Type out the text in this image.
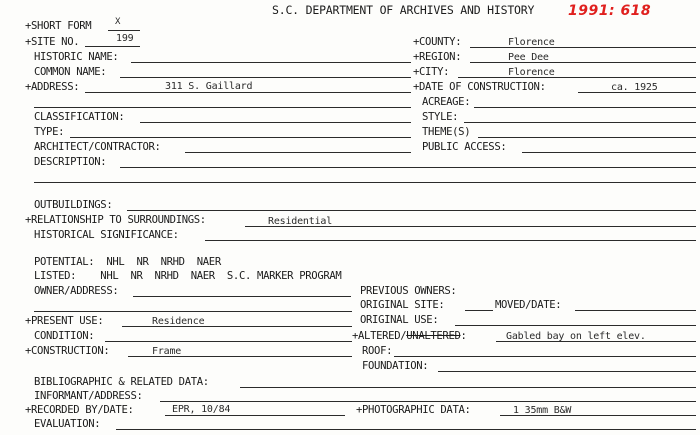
S.C. DEPARTMENT OF ARCHIVES AND HISTORY 1991: 618
+SHORT FORM	X
+SITE NO.	199
HISTORIC NAME:
COMMON NAME:
+ADDRESS:	311 S. Gaillard
+COUNTY:	Florence
+REGION:	Pee Dee
+CITY:	Florence
+DATE OF CONSTRUCTION:	ca. 1925
ACREAGE:
CLASSIFICATION:	STYLE:
TYPE:	THEME(S)
ARCHITECT/CONTRACTOR:	PUBLIC ACCESS:
DESCRIPTION:
OUTBUILDINGS:
+RELATIONSHIP TO SURROUNDINGS:	Residential
HISTORICAL SIGNIFICANCE:
POTENTIAL:  NHL  NR  NRHD  NAER
LISTED:    NHL  NR  NRHD  NAER  S.C. MARKER PROGRAM
OWNER/ADDRESS:	PREVIOUS OWNERS:
ORIGINAL SITE:	MOVED/DATE:
+PRESENT USE:	Residence	ORIGINAL USE:
CONDITION:	+ALTERED/UNALTERED:	Gabled bay on left elev.
+CONSTRUCTION:	Frame	ROOF:
FOUNDATION:
BIBLIOGRAPHIC & RELATED DATA:
INFORMANT/ADDRESS:
+RECORDED BY/DATE:	EPR, 10/84	+PHOTOGRAPHIC DATA:	1 35mm B&W
EVALUATION:
